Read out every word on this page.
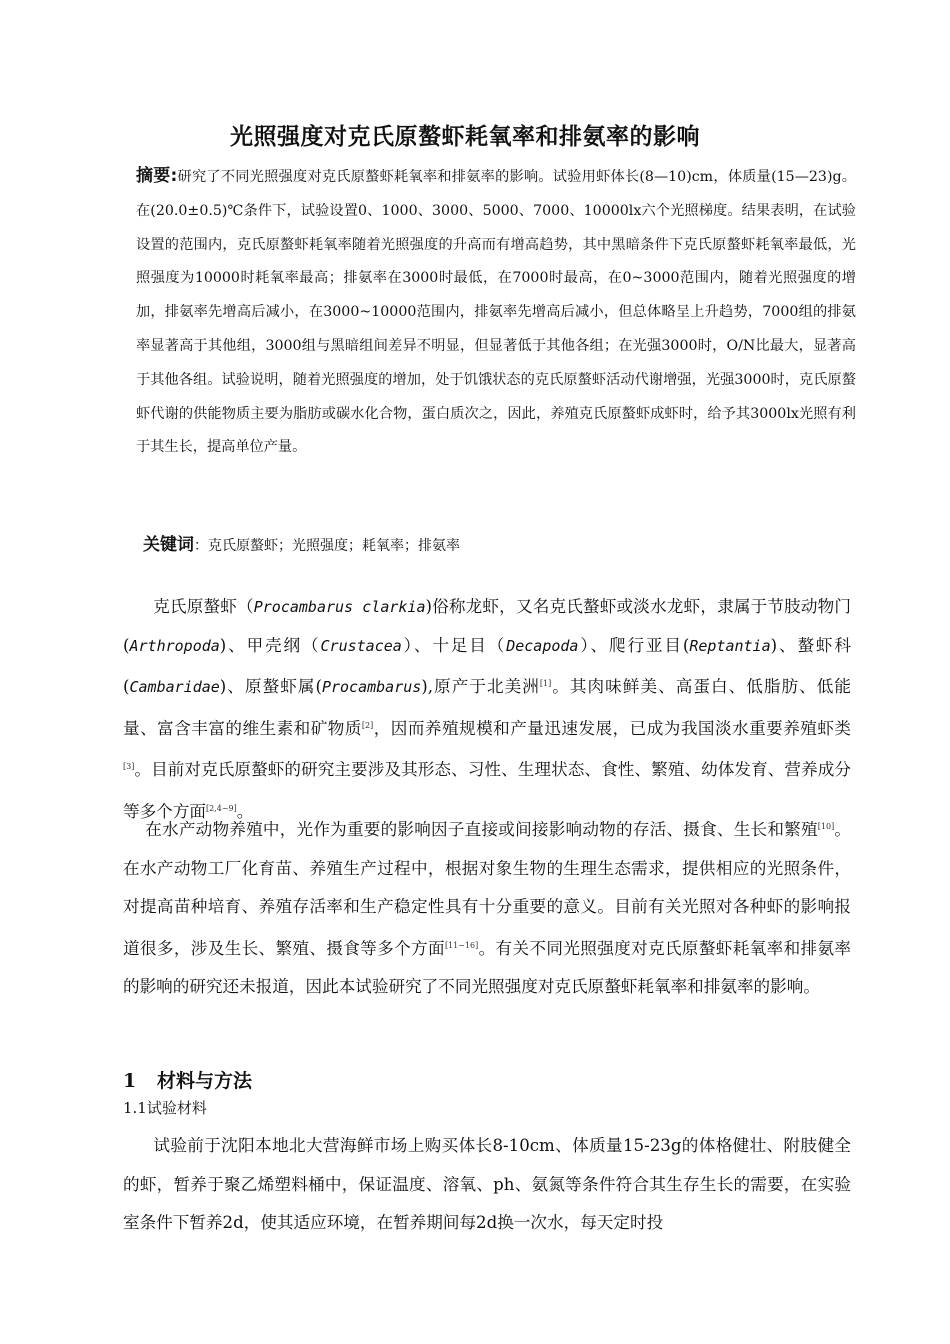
光照强度对克氏原螯虾耗氧率和排氨率的影响
摘要:研究了不同光照强度对克氏原螯虾耗氧率和排氨率的影响。试验用虾体长(8—10)cm，体质量(15—23)g。在(20.0±0.5)℃条件下，试验设置0、1000、3000、5000、7000、10000lx六个光照梯度。结果表明，在试验设置的范围内，克氏原螯虾耗氧率随着光照强度的升高而有增高趋势，其中黑暗条件下克氏原螯虾耗氧率最低，光照强度为10000时耗氧率最高；排氨率在3000时最低，在7000时最高，在0~3000范围内，随着光照强度的增加，排氨率先增高后减小，在3000~10000范围内，排氨率先增高后减小，但总体略呈上升趋势，7000组的排氨率显著高于其他组，3000组与黑暗组间差异不明显，但显著低于其他各组；在光强3000时，O/N比最大，显著高于其他各组。试验说明，随着光照强度的增加，处于饥饿状态的克氏原螯虾活动代谢增强，光强3000时，克氏原螯虾代谢的供能物质主要为脂肪或碳水化合物，蛋白质次之，因此，养殖克氏原螯虾成虾时，给予其3000lx光照有利于其生长，提高单位产量。
关键词：克氏原螯虾；光照强度；耗氧率；排氨率
克氏原螯虾（Procambarus clarkia)俗称龙虾，又名克氏螯虾或淡水龙虾，隶属于节肢动物门(Arthropoda)、甲壳纲（Crustacea）、十足目（Decapoda）、爬行亚目(Reptantia)、螯虾科(Cambaridae)、原螯虾属(Procambarus),原产于北美洲[1]。其肉味鲜美、高蛋白、低脂肪、低能量、富含丰富的维生素和矿物质[2]，因而养殖规模和产量迅速发展，已成为我国淡水重要养殖虾类[3]。目前对克氏原螯虾的研究主要涉及其形态、习性、生理状态、食性、繁殖、幼体发育、营养成分等多个方面[2,4~9]。
在水产动物养殖中，光作为重要的影响因子直接或间接影响动物的存活、摄食、生长和繁殖[10]。在水产动物工厂化育苗、养殖生产过程中，根据对象生物的生理生态需求，提供相应的光照条件，对提高苗种培育、养殖存活率和生产稳定性具有十分重要的意义。目前有关光照对各种虾的影响报道很多，涉及生长、繁殖、摄食等多个方面[11~16]。有关不同光照强度对克氏原螯虾耗氧率和排氨率的影响的研究还未报道，因此本试验研究了不同光照强度对克氏原螯虾耗氧率和排氨率的影响。
1 材料与方法
1.1试验材料
试验前于沈阳本地北大营海鲜市场上购买体长8-10cm、体质量15-23g的体格健壮、附肢健全的虾，暂养于聚乙烯塑料桶中，保证温度、溶氧、ph、氨氮等条件符合其生存生长的需要，在实验室条件下暂养2d，使其适应环境，在暂养期间每2d换一次水，每天定时投
